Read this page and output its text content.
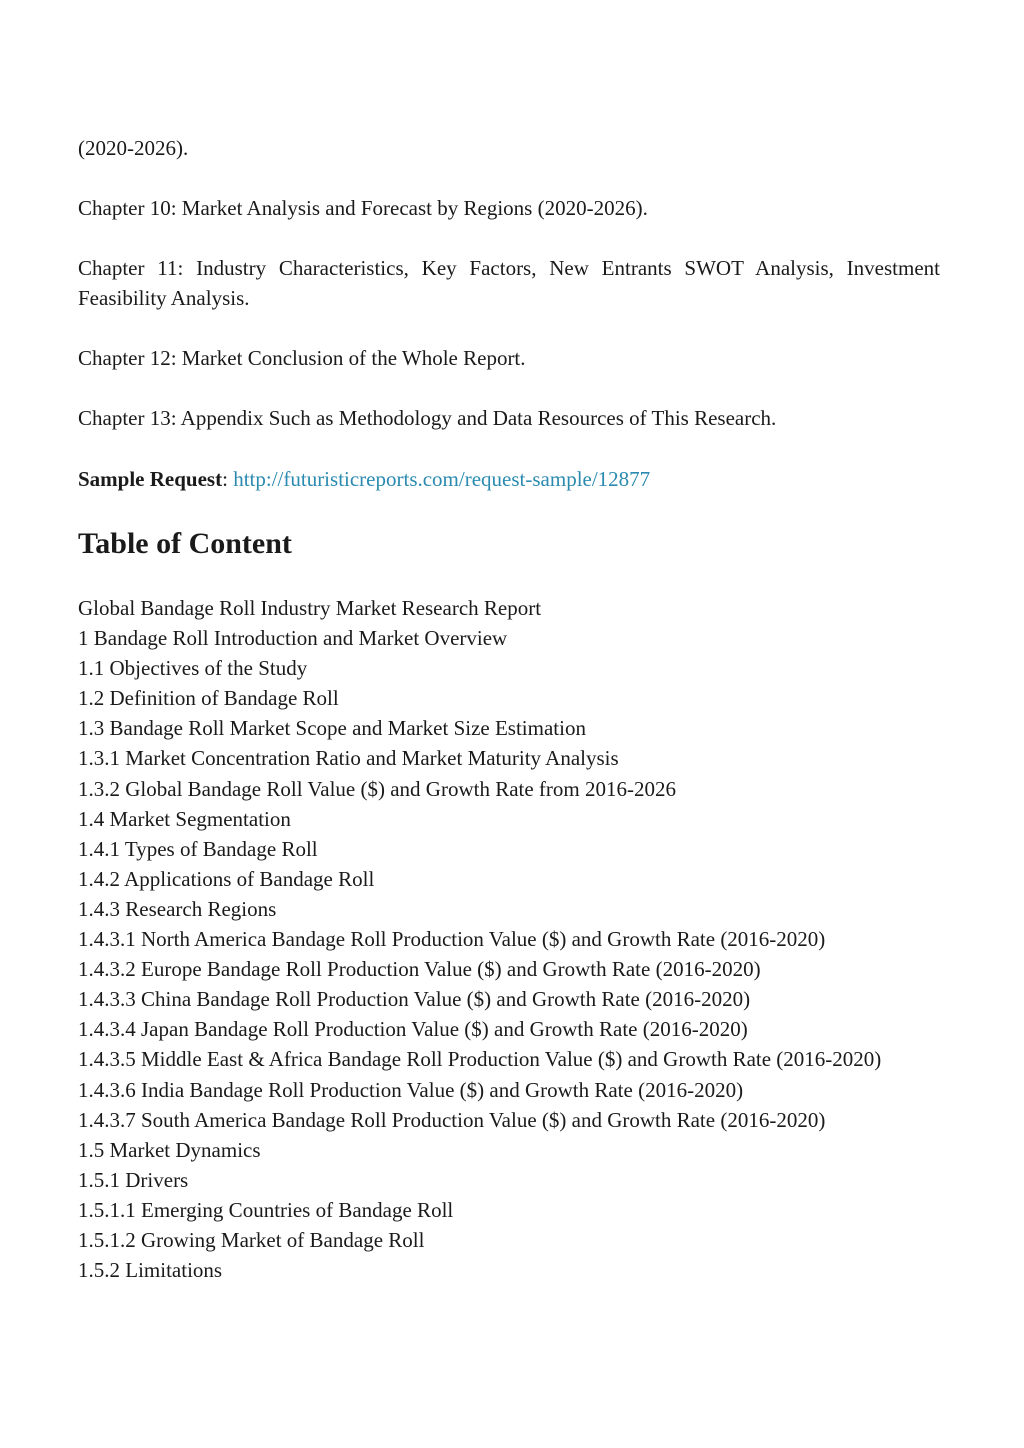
(2020-2026).

Chapter 10: Market Analysis and Forecast by Regions (2020-2026).

Chapter 11: Industry Characteristics, Key Factors, New Entrants SWOT Analysis, Investment Feasibility Analysis.

Chapter 12: Market Conclusion of the Whole Report.

Chapter 13: Appendix Such as Methodology and Data Resources of This Research.

Sample Request: http://futuristicreports.com/request-sample/12877

Table of Content
Global Bandage Roll Industry Market Research Report
1 Bandage Roll Introduction and Market Overview
1.1 Objectives of the Study
1.2 Definition of Bandage Roll
1.3 Bandage Roll Market Scope and Market Size Estimation
1.3.1 Market Concentration Ratio and Market Maturity Analysis
1.3.2 Global Bandage Roll Value ($) and Growth Rate from 2016-2026
1.4 Market Segmentation
1.4.1 Types of Bandage Roll
1.4.2 Applications of Bandage Roll
1.4.3 Research Regions
1.4.3.1 North America Bandage Roll Production Value ($) and Growth Rate (2016-2020)
1.4.3.2 Europe Bandage Roll Production Value ($) and Growth Rate (2016-2020)
1.4.3.3 China Bandage Roll Production Value ($) and Growth Rate (2016-2020)
1.4.3.4 Japan Bandage Roll Production Value ($) and Growth Rate (2016-2020)
1.4.3.5 Middle East & Africa Bandage Roll Production Value ($) and Growth Rate (2016-2020)
1.4.3.6 India Bandage Roll Production Value ($) and Growth Rate (2016-2020)
1.4.3.7 South America Bandage Roll Production Value ($) and Growth Rate (2016-2020)
1.5 Market Dynamics
1.5.1 Drivers
1.5.1.1 Emerging Countries of Bandage Roll
1.5.1.2 Growing Market of Bandage Roll
1.5.2 Limitations
